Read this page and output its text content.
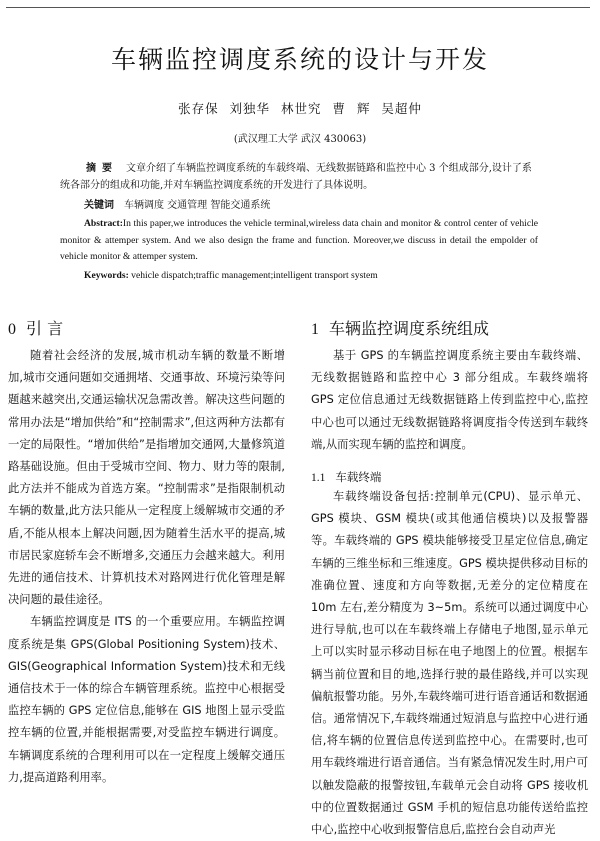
车辆监控调度系统的设计与开发
张存保 刘独华 林世究 曹 辉 吴超仲
(武汉理工大学 武汉 430063)
摘要 文章介绍了车辆监控调度系统的车载终端、无线数据链路和监控中心 3 个组成部分,设计了系统各部分的组成和功能,并对车辆监控调度系统的开发进行了具体说明。
关键词 车辆调度 交通管理 智能交通系统
Abstract:In this paper,we introduces the vehicle terminal,wireless data chain and monitor & control center of vehicle monitor & attemper system. And we also design the frame and function. Moreover,we discuss in detail the empolder of vehicle monitor & attemper system.
Keywords: vehicle dispatch;traffic management;intelligent transport system
0 引 言

随着社会经济的发展,城市机动车辆的数量不断增加,城市交通问题如交通拥堵、交通事故、环境污染等问题越来越突出,交通运输状况急需改善。解决这些问题的常用办法是“增加供给”和“控制需求”,但这两种方法都有一定的局限性。“增加供给”是指增加交通网,大量修筑道路基础设施。但由于受城市空间、物力、财力等的限制,此方法并不能成为首选方案。“控制需求”是指限制机动车辆的数量,此方法只能从一定程度上缓解城市交通的矛盾,不能从根本上解决问题,因为随着生活水平的提高,城市居民家庭轿车会不断增多,交通压力会越来越大。利用先进的通信技术、计算机技术对路网进行优化管理是解决问题的最佳途径。

车辆监控调度是 ITS 的一个重要应用。车辆监控调度系统是集 GPS(Global Positioning System)技术、GIS(Geographical Information System)技术和无线通信技术于一体的综合车辆管理系统。监控中心根据受监控车辆的 GPS 定位信息,能够在 GIS 地图上显示受监控车辆的位置,并能根据需要,对受监控车辆进行调度。车辆调度系统的合理利用可以在一定程度上缓解交通压力,提高道路利用率。

1 车辆监控调度系统组成

基于 GPS 的车辆监控调度系统主要由车载终端、无线数据链路和监控中心 3 部分组成。车载终端将 GPS 定位信息通过无线数据链路上传到监控中心,监控中心也可以通过无线数据链路将调度指令传送到车载终端,从而实现车辆的监控和调度。

1.1 车载终端

车载终端设备包括:控制单元(CPU)、显示单元、GPS 模块、GSM 模块(或其他通信模块)以及报警器等。车载终端的 GPS 模块能够接受卫星定位信息,确定车辆的三维坐标和三维速度。GPS 模块提供移动目标的准确位置、速度和方向等数据,无差分的定位精度在 10m 左右,差分精度为 3~5m。系统可以通过调度中心进行导航,也可以在车载终端上存储电子地图,显示单元上可以实时显示移动目标在电子地图上的位置。根据车辆当前位置和目的地,选择行驶的最佳路线,并可以实现偏航报警功能。另外,车载终端可进行语音通话和数据通信。通常情况下,车载终端通过短消息与监控中心进行通信,将车辆的位置信息传送到监控中心。在需要时,也可用车载终端进行语音通信。当有紧急情况发生时,用户可以触发隐蔽的报警按钮,车载单元会自动将 GPS 接收机中的位置数据通过 GSM 手机的短信息功能传送给监控中心,监控中心收到报警信息后,监控台会自动声光
